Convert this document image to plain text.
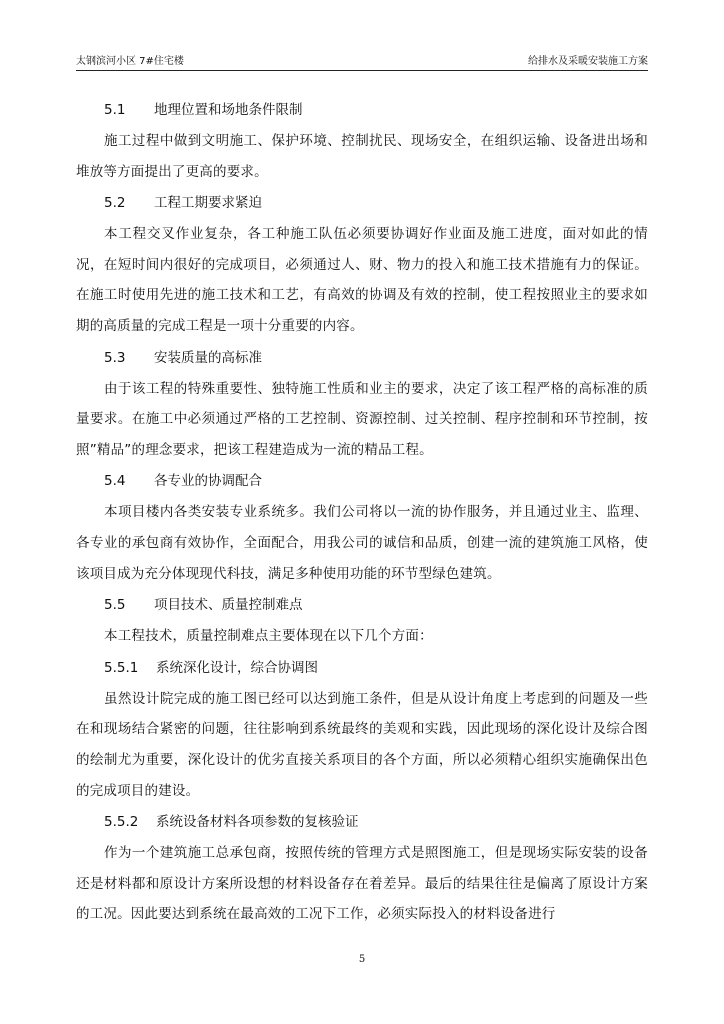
太钢滨河小区 7#住宅楼	给排水及采暖安装施工方案
5.1 地理位置和场地条件限制

施工过程中做到文明施工、保护环境、控制扰民、现场安全，在组织运输、设备进出场和堆放等方面提出了更高的要求。

5.2 工程工期要求紧迫

本工程交叉作业复杂，各工种施工队伍必须要协调好作业面及施工进度，面对如此的情况，在短时间内很好的完成项目，必须通过人、财、物力的投入和施工技术措施有力的保证。在施工时使用先进的施工技术和工艺，有高效的协调及有效的控制，使工程按照业主的要求如期的高质量的完成工程是一项十分重要的内容。

5.3 安装质量的高标准

由于该工程的特殊重要性、独特施工性质和业主的要求，决定了该工程严格的高标准的质量要求。在施工中必须通过严格的工艺控制、资源控制、过关控制、程序控制和环节控制，按照”精品”的理念要求，把该工程建造成为一流的精品工程。

5.4 各专业的协调配合

本项目楼内各类安装专业系统多。我们公司将以一流的协作服务，并且通过业主、监理、各专业的承包商有效协作，全面配合，用我公司的诚信和品质，创建一流的建筑施工风格，使该项目成为充分体现现代科技，满足多种使用功能的环节型绿色建筑。

5.5 项目技术、质量控制难点

本工程技术，质量控制难点主要体现在以下几个方面：

5.5.1 系统深化设计，综合协调图

虽然设计院完成的施工图已经可以达到施工条件，但是从设计角度上考虑到的问题及一些在和现场结合紧密的问题，往往影响到系统最终的美观和实践，因此现场的深化设计及综合图的绘制尤为重要，深化设计的优劣直接关系项目的各个方面，所以必须精心组织实施确保出色的完成项目的建设。

5.5.2 系统设备材料各项参数的复核验证

作为一个建筑施工总承包商，按照传统的管理方式是照图施工，但是现场实际安装的设备还是材料都和原设计方案所设想的材料设备存在着差异。最后的结果往往是偏离了原设计方案的工况。因此要达到系统在最高效的工况下工作，必须实际投入的材料设备进行

5
